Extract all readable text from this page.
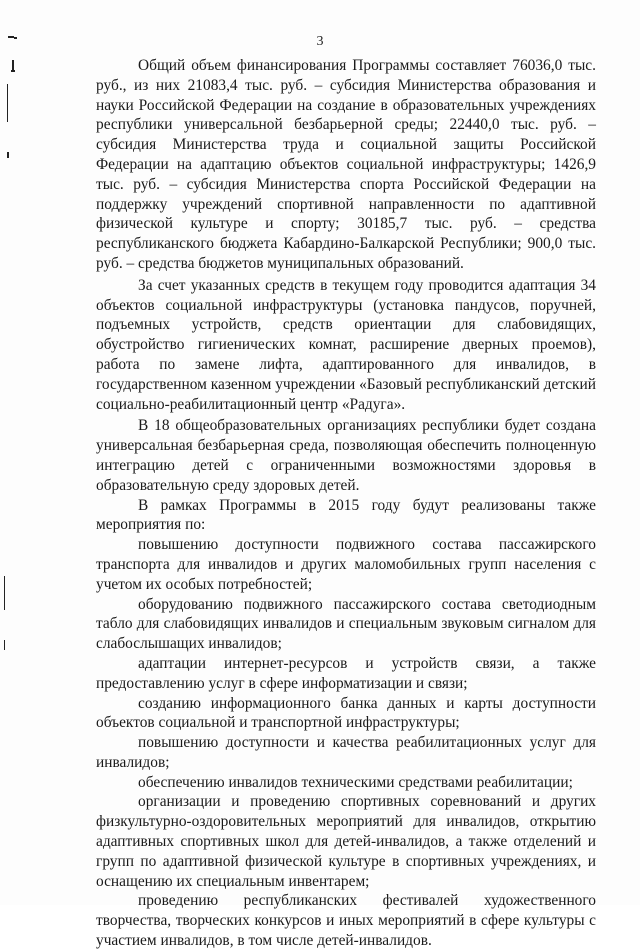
3

Общий объем финансирования Программы составляет 76036,0 тыс. руб., из них 21083,4 тыс. руб. – субсидия Министерства образования и науки Российской Федерации на создание в образовательных учреждениях республики универсальной безбарьерной среды; 22440,0 тыс. руб. – субсидия Министерства труда и социальной защиты Российской Федерации на адаптацию объектов социальной инфраструктуры; 1426,9 тыс. руб. – субсидия Министерства спорта Российской Федерации на поддержку учреждений спортивной направленности по адаптивной физической культуре и спорту; 30185,7 тыс. руб. – средства республиканского бюджета Кабардино-Балкарской Республики; 900,0 тыс. руб. – средства бюджетов муниципальных образований.

За счет указанных средств в текущем году проводится адаптация 34 объектов социальной инфраструктуры (установка пандусов, поручней, подъемных устройств, средств ориентации для слабовидящих, обустройство гигиенических комнат, расширение дверных проемов), работа по замене лифта, адаптированного для инвалидов, в государственном казенном учреждении «Базовый республиканский детский социально-реабилитационный центр «Радуга».

В 18 общеобразовательных организациях республики будет создана универсальная безбарьерная среда, позволяющая обеспечить полноценную интеграцию детей с ограниченными возможностями здоровья в образовательную среду здоровых детей.

В рамках Программы в 2015 году будут реализованы также мероприятия по:

повышению доступности подвижного состава пассажирского транспорта для инвалидов и других маломобильных групп населения с учетом их особых потребностей;

оборудованию подвижного пассажирского состава светодиодным табло для слабовидящих инвалидов и специальным звуковым сигналом для слабослышащих инвалидов;

адаптации интернет-ресурсов и устройств связи, а также предоставлению услуг в сфере информатизации и связи;

созданию информационного банка данных и карты доступности объектов социальной и транспортной инфраструктуры;

повышению доступности и качества реабилитационных услуг для инвалидов;

обеспечению инвалидов техническими средствами реабилитации;

организации и проведению спортивных соревнований и других физкультурно-оздоровительных мероприятий для инвалидов, открытию адаптивных спортивных школ для детей-инвалидов, а также отделений и групп по адаптивной физической культуре в спортивных учреждениях, и оснащению их специальным инвентарем;

проведению республиканских фестивалей художественного творчества, творческих конкурсов и иных мероприятий в сфере культуры с участием инвалидов, в том числе детей-инвалидов.
